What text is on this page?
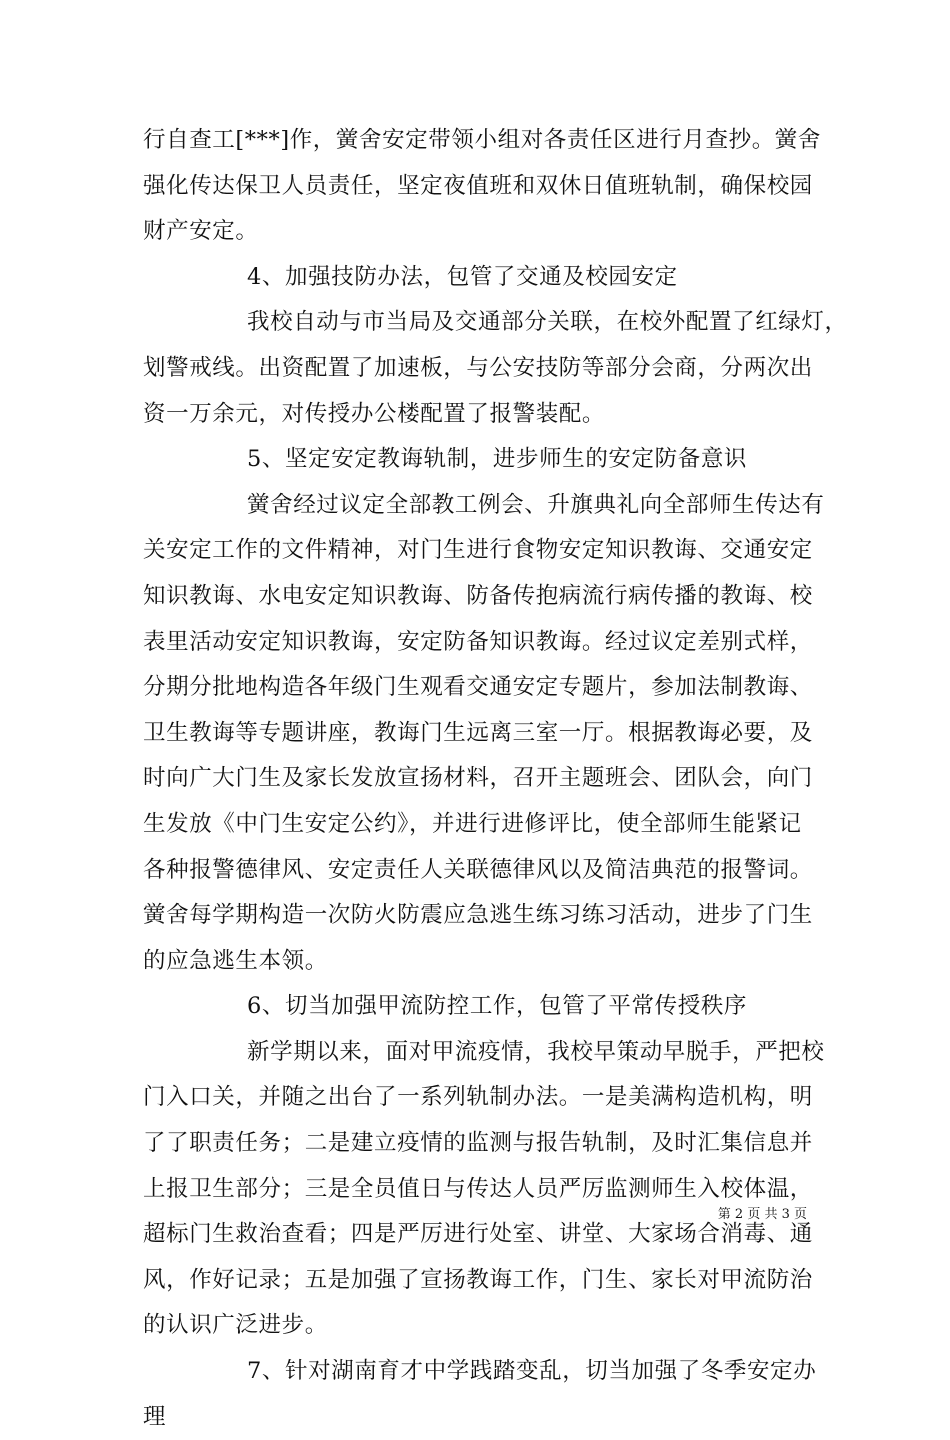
行自查工[***]作，黉舍安定带领小组对各责任区进行月查抄。黉舍
强化传达保卫人员责任，坚定夜值班和双休日值班轨制，确保校园
财产安定。
4、加强技防办法，包管了交通及校园安定
我校自动与市当局及交通部分关联，在校外配置了红绿灯，
划警戒线。出资配置了加速板，与公安技防等部分会商，分两次出
资一万余元，对传授办公楼配置了报警装配。
5、坚定安定教诲轨制，进步师生的安定防备意识
黉舍经过议定全部教工例会、升旗典礼向全部师生传达有
关安定工作的文件精神，对门生进行食物安定知识教诲、交通安定
知识教诲、水电安定知识教诲、防备传抱病流行病传播的教诲、校
表里活动安定知识教诲，安定防备知识教诲。经过议定差别式样，
分期分批地构造各年级门生观看交通安定专题片，参加法制教诲、
卫生教诲等专题讲座，教诲门生远离三室一厅。根据教诲必要，及
时向广大门生及家长发放宣扬材料，召开主题班会、团队会，向门
生发放《中门生安定公约》，并进行进修评比，使全部师生能紧记
各种报警德律风、安定责任人关联德律风以及简洁典范的报警词。
黉舍每学期构造一次防火防震应急逃生练习练习活动，进步了门生
的应急逃生本领。
6、切当加强甲流防控工作，包管了平常传授秩序
新学期以来，面对甲流疫情，我校早策动早脱手，严把校
门入口关，并随之出台了一系列轨制办法。一是美满构造机构，明
了了职责任务；二是建立疫情的监测与报告轨制，及时汇集信息并
上报卫生部分；三是全员值日与传达人员严厉监测师生入校体温，
超标门生救治查看；四是严厉进行处室、讲堂、大家场合消毒、通
风，作好记录；五是加强了宣扬教诲工作，门生、家长对甲流防治
的认识广泛进步。
7、针对湖南育才中学践踏变乱，切当加强了冬季安定办
理
第 2 页 共 3 页
